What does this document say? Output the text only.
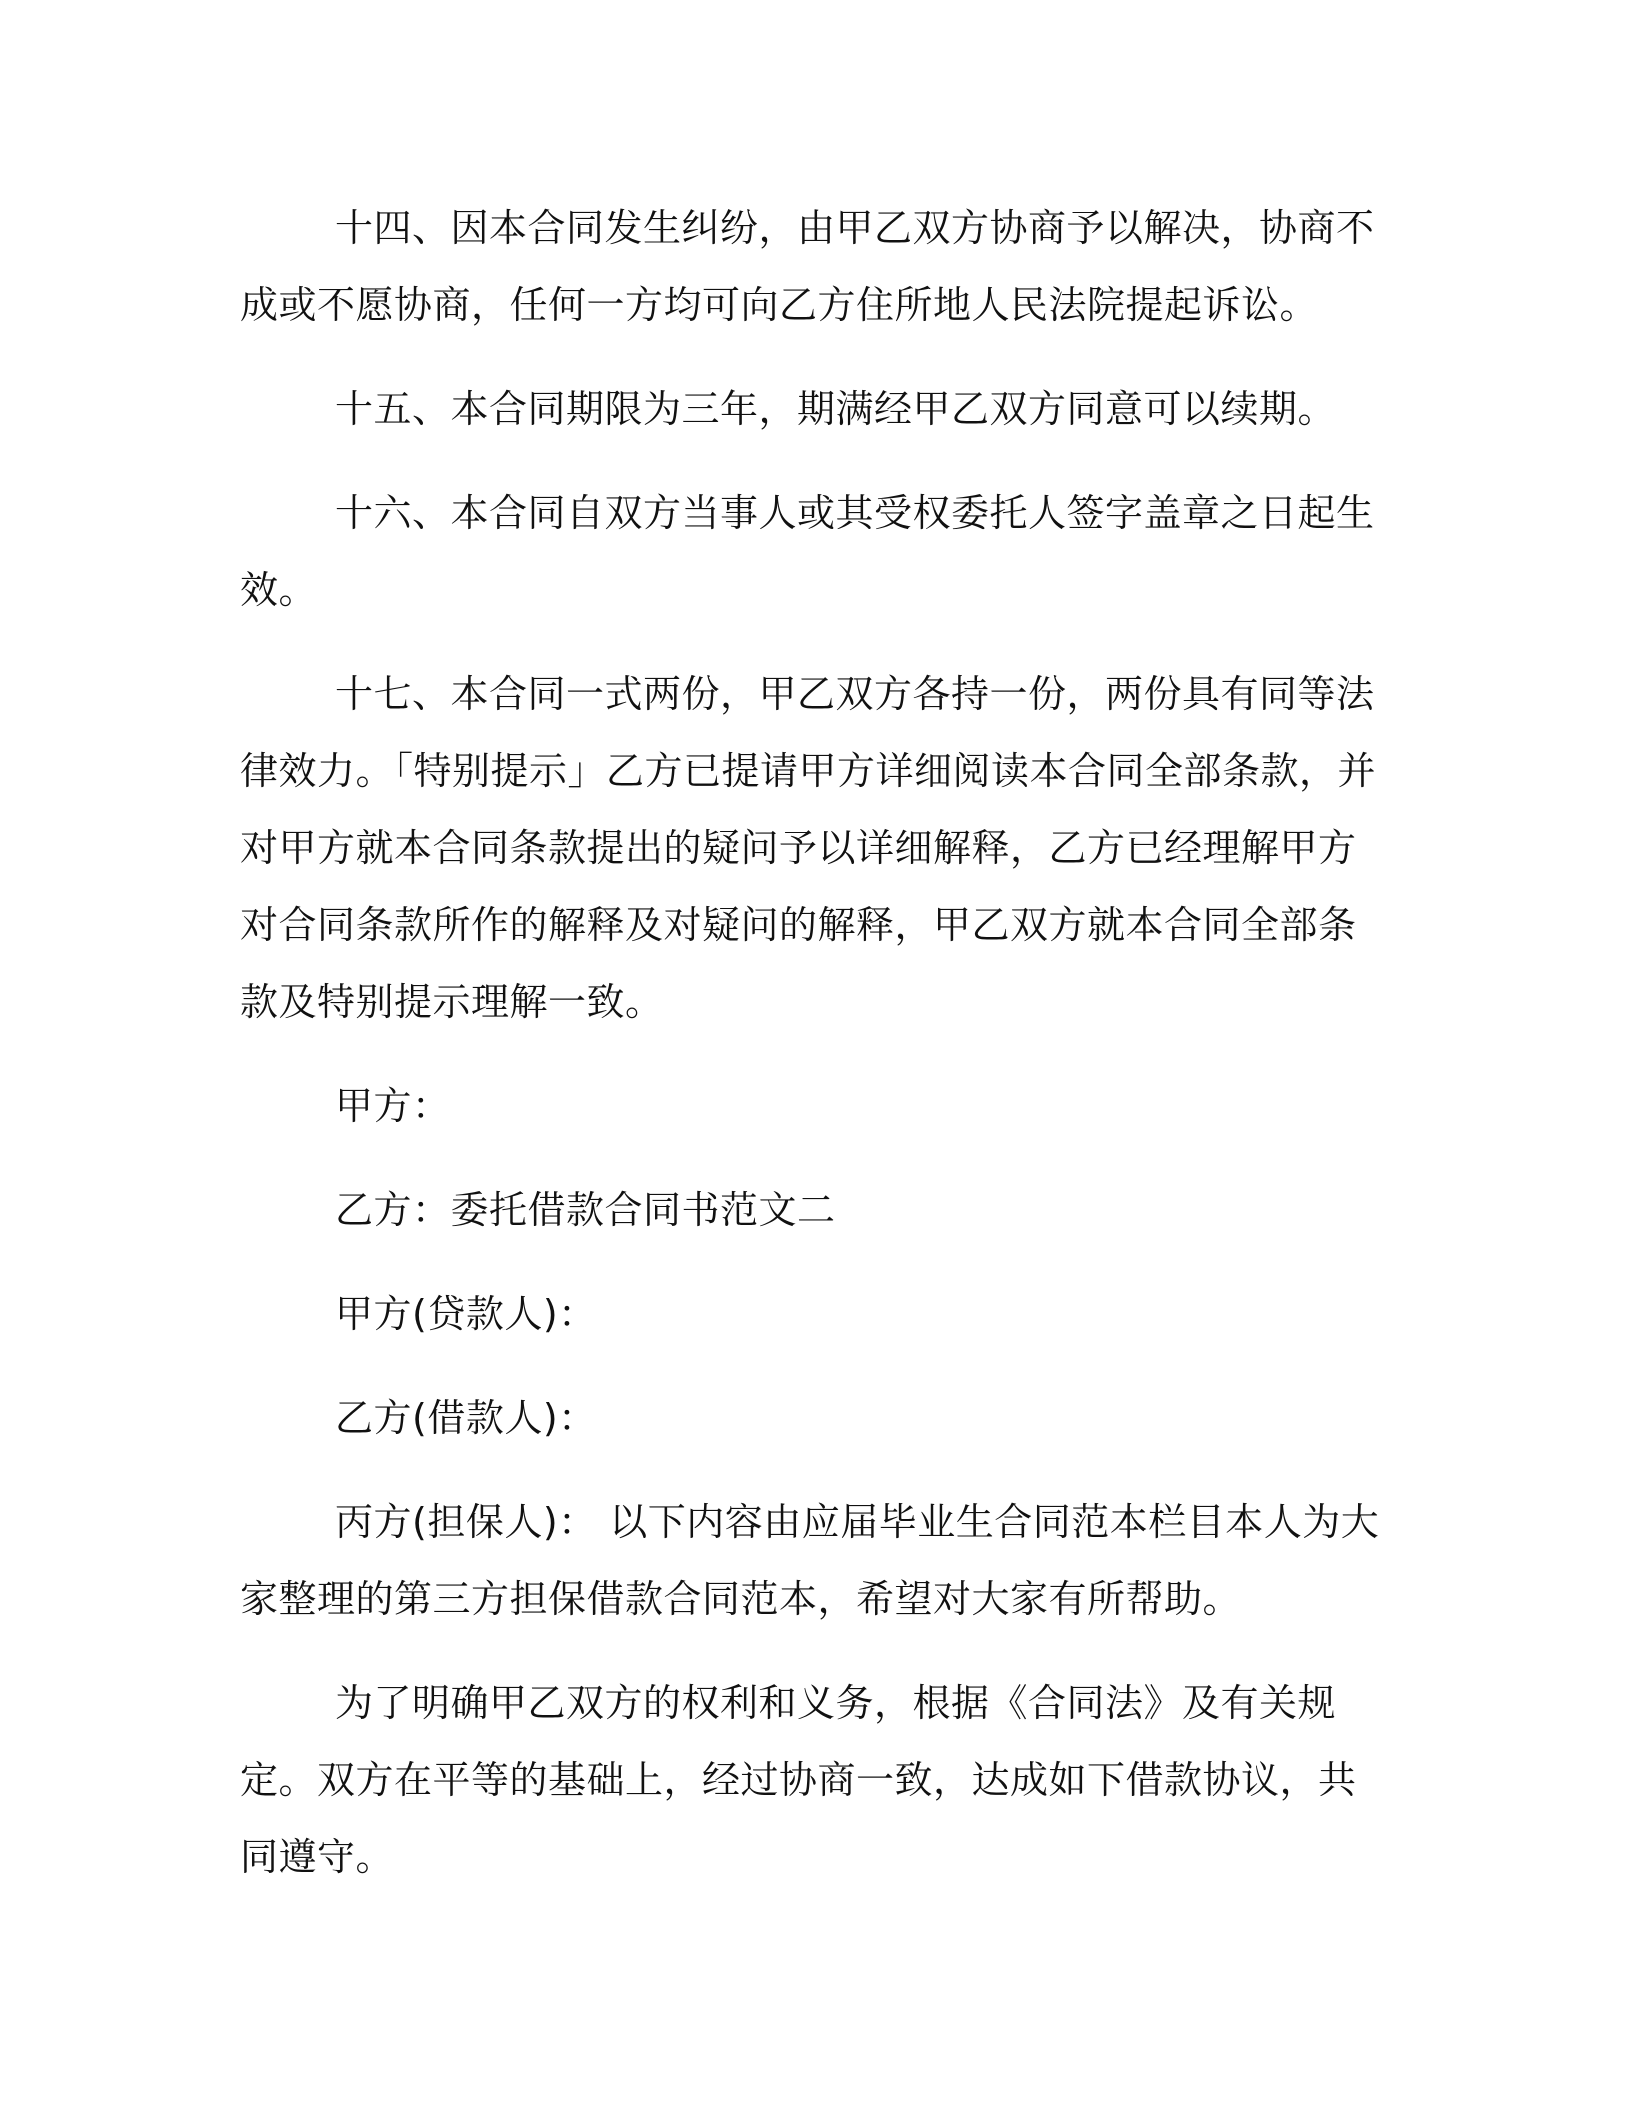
十四、因本合同发生纠纷，由甲乙双方协商予以解决，协商不成或不愿协商，任何一方均可向乙方住所地人民法院提起诉讼。

十五、本合同期限为三年，期满经甲乙双方同意可以续期。

十六、本合同自双方当事人或其受权委托人签字盖章之日起生效。

十七、本合同一式两份，甲乙双方各持一份，两份具有同等法律效力。「特别提示」乙方已提请甲方详细阅读本合同全部条款，并对甲方就本合同条款提出的疑问予以详细解释，乙方已经理解甲方对合同条款所作的解释及对疑问的解释，甲乙双方就本合同全部条款及特别提示理解一致。

甲方：

乙方：委托借款合同书范文二

甲方(贷款人)：

乙方(借款人)：

丙方(担保人)： 以下内容由应届毕业生合同范本栏目本人为大家整理的第三方担保借款合同范本，希望对大家有所帮助。

为了明确甲乙双方的权利和义务，根据《合同法》及有关规定。双方在平等的基础上，经过协商一致，达成如下借款协议，共同遵守。
